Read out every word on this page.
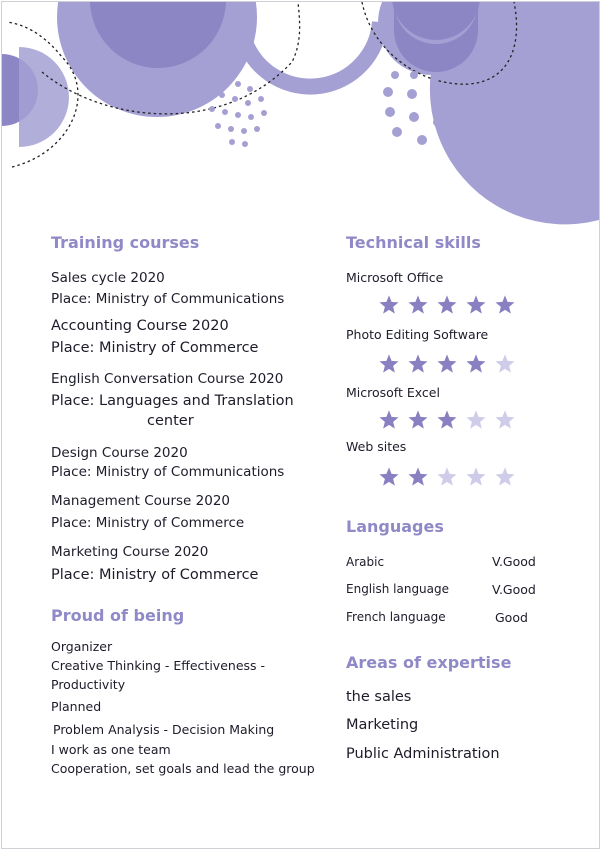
Training courses

Sales cycle 2020

Place: Ministry of Communications

Accounting Course 2020

Place: Ministry of Commerce

English Conversation Course 2020

Place: Languages and Translation

center

Design Course 2020

Place: Ministry of Communications

Management Course 2020

Place: Ministry of Commerce

Marketing Course 2020

Place: Ministry of Commerce

Proud of being

Organizer

Creative Thinking - Effectiveness -

Productivity

Planned

Problem Analysis - Decision Making

I work as one team

Cooperation, set goals and lead the group

Technical skills

Microsoft Office

Photo Editing Software

Microsoft Excel

Web sites

Languages

Arabic	V.Good

English language	V.Good

French language	Good

Areas of expertise

the sales

Marketing

Public Administration
